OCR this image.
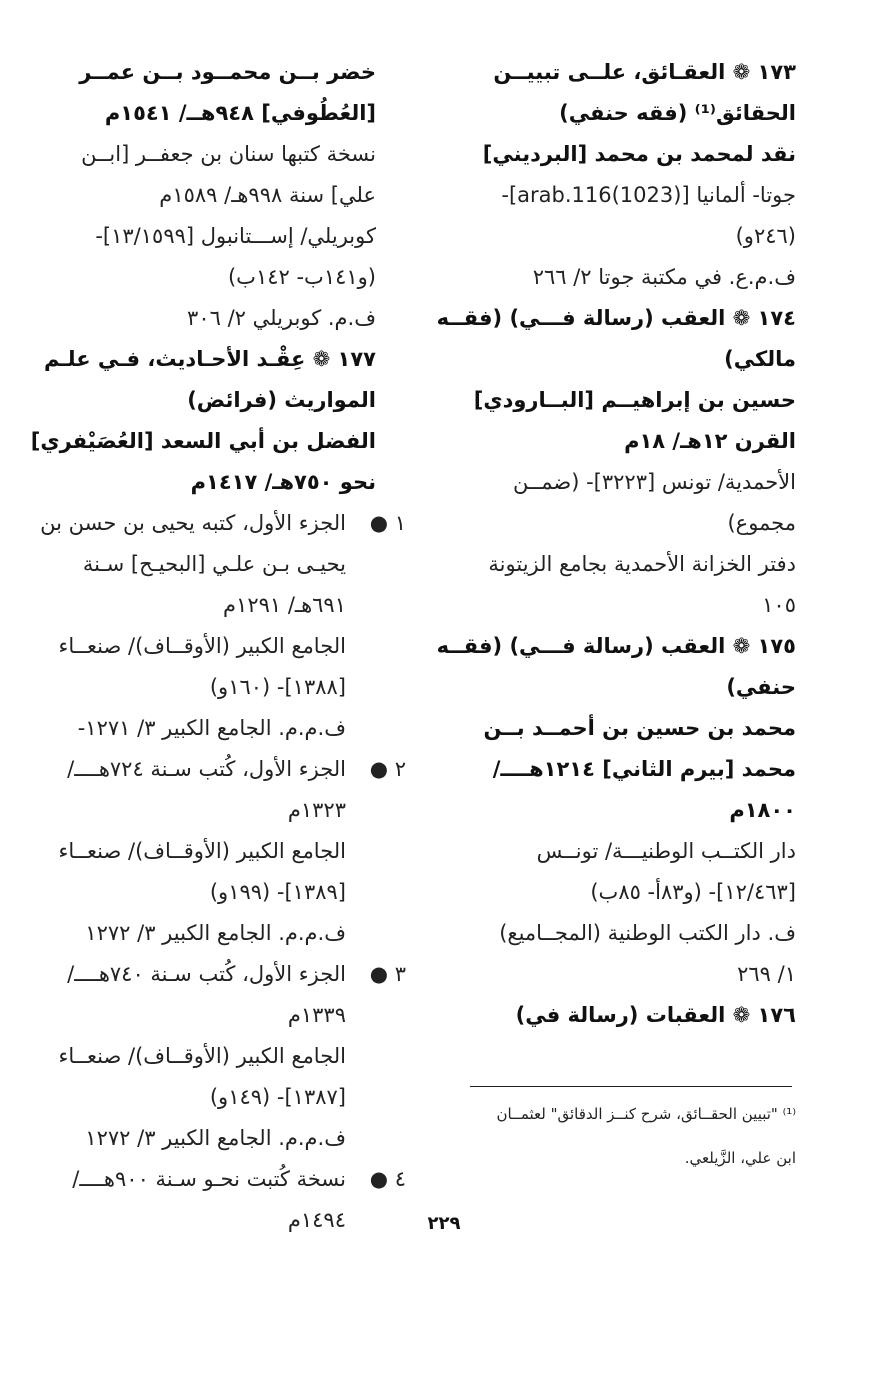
١٧٣ ❁ العقـائق، علــى تبييــن
الحقائق⁽¹⁾ (فقه حنفي)
نقد لمحمد بن محمد [البرديني]
جوتا- ألمانيا [arab.116(1023)]-
(٢٤٦و)
ف.م.ع. في مكتبة جوتا ٢/ ٢٦٦
١٧٤ ❁ العقب (رسالة فـــي) (فقــه
مالكي)
حسين بن إبراهيــم [البــارودي]
القرن ١٢هـ/ ١٨م
الأحمدية/ تونس [٣٢٢٣]- (ضمــن
مجموع)
دفتر الخزانة الأحمدية بجامع الزيتونة
١٠٥
١٧٥ ❁ العقب (رسالة فـــي) (فقــه
حنفي)
محمد بن حسين بن أحمــد بــن
محمد [بيرم الثاني] ١٢١٤هــــ/
١٨٠٠م
دار الكتــب الوطنيـــة/ تونــس
[١٢/٤٦٣]- (و٨٣أ- ٨٥ب)
ف. دار الكتب الوطنية (المجــاميع)
١/ ٢٦٩
١٧٦ ❁ العقبات (رسالة في)
خضر بــن محمــود بــن عمــر
[العُطُوفي] ٩٤٨هــ/ ١٥٤١م
نسخة كتبها سنان بن جعفــر [ابــن
علي] سنة ٩٩٨هـ/ ١٥٨٩م
كوبريلي/ إســـتانبول [١٣/١٥٩٩]-
(و١٤١ب- ١٤٢ب)
ف.م. كوبريلي ٢/ ٣٠٦
١٧٧ ❁ عِقْـد الأحـاديث، فـي علـم
المواريث (فرائض)
الفضل بن أبي السعد [العُصَيْفري]
نحو ٧٥٠هـ/ ١٤١٧م
١ ●الجزء الأول، كتبه يحيى بن حسن بن
يحيـى بـن علـي [البحيـح] سـنة
٦٩١هـ/ ١٢٩١م
الجامع الكبير (الأوقــاف)/ صنعــاء
[١٣٨٨]- (١٦٠و)
ف.م.م. الجامع الكبير ٣/ ١٢٧١-
٢ ●الجزء الأول، كُتب سـنة ٧٢٤هــــ/
١٣٢٣م
الجامع الكبير (الأوقــاف)/ صنعــاء
[١٣٨٩]- (١٩٩و)
ف.م.م. الجامع الكبير ٣/ ١٢٧٢
٣ ●الجزء الأول، كُتب سـنة ٧٤٠هــــ/
١٣٣٩م
الجامع الكبير (الأوقــاف)/ صنعــاء
[١٣٨٧]- (١٤٩و)
ف.م.م. الجامع الكبير ٣/ ١٢٧٢
٤ ●نسخة كُتبت نحـو سـنة ٩٠٠هــــ/
١٤٩٤م
⁽¹⁾ "تبيين الحقــائق، شرح كنــز الدقائق" لعثمــان
ابن علي، الزَّيلعي.
٢٢٩
